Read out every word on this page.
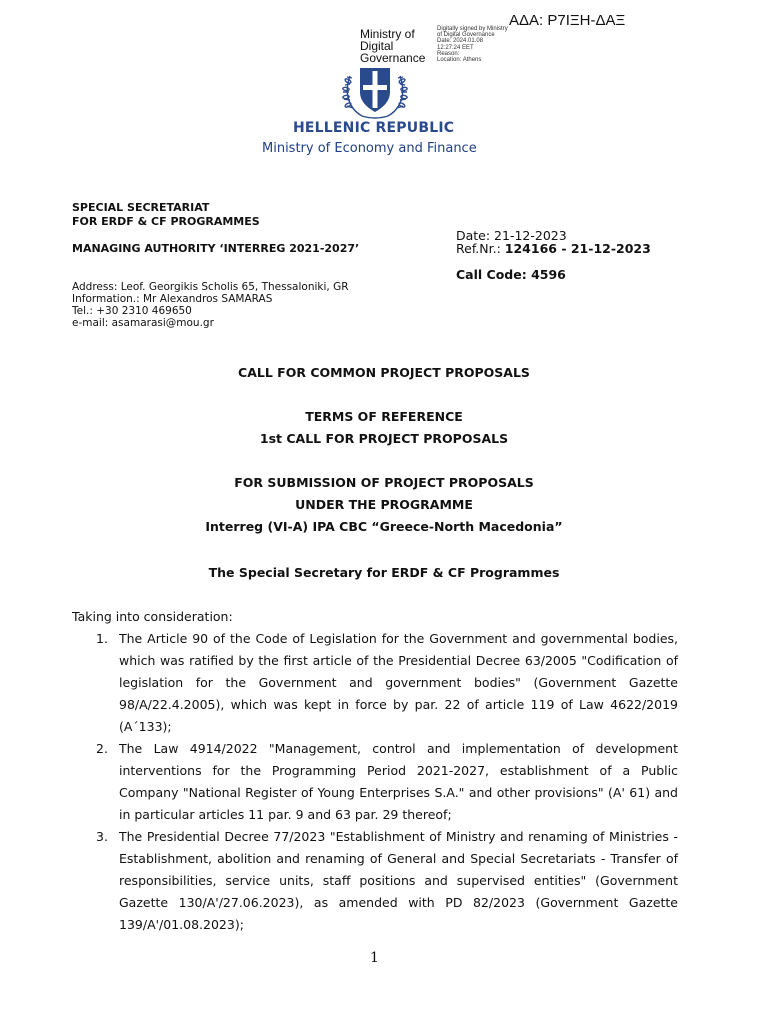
ΑΔΑ: Ρ7ΙΞΗ-ΔΑΞ
Ministry of
Digital
Governance
Digitally signed by Ministry
of Digital Governance
Date: 2024.01.08
12:27:24 EET
Reason:
Location: Athens
HELLENIC REPUBLIC
Ministry of Economy and Finance
SPECIAL SECRETARIAT
FOR ERDF & CF PROGRAMMES
MANAGING AUTHORITY ‘INTERREG 2021-2027’
Address: Leof. Georgikis Scholis 65, Thessaloniki, GR
Information.: Mr Alexandros SAMARAS
Tel.: +30 2310 469650
e-mail: asamarasi@mou.gr
Date: 21-12-2023
Ref.Nr.: 124166 - 21-12-2023
Call Code: 4596
CALL FOR COMMON PROJECT PROPOSALS
TERMS OF REFERENCE
1st CALL FOR PROJECT PROPOSALS
FOR SUBMISSION OF PROJECT PROPOSALS
UNDER THE PROGRAMME
Interreg (VI-A) IPA CBC “Greece-North Macedonia”
The Special Secretary for ERDF & CF Programmes
Taking into consideration:
1. The Article 90 of the Code of Legislation for the Government and governmental bodies, which was ratified by the first article of the Presidential Decree 63/2005 "Codification of legislation for the Government and government bodies" (Government Gazette 98/A/22.4.2005), which was kept in force by par. 22 of article 119 of Law 4622/2019 (A΄133);
2. The Law 4914/2022 "Management, control and implementation of development interventions for the Programming Period 2021-2027, establishment of a Public Company "National Register of Young Enterprises S.A." and other provisions" (A' 61) and in particular articles 11 par. 9 and 63 par. 29 thereof;
3. The Presidential Decree 77/2023 "Establishment of Ministry and renaming of Ministries - Establishment, abolition and renaming of General and Special Secretariats - Transfer of responsibilities, service units, staff positions and supervised entities" (Government Gazette 130/A'/27.06.2023), as amended with PD 82/2023 (Government Gazette 139/A'/01.08.2023);
1
